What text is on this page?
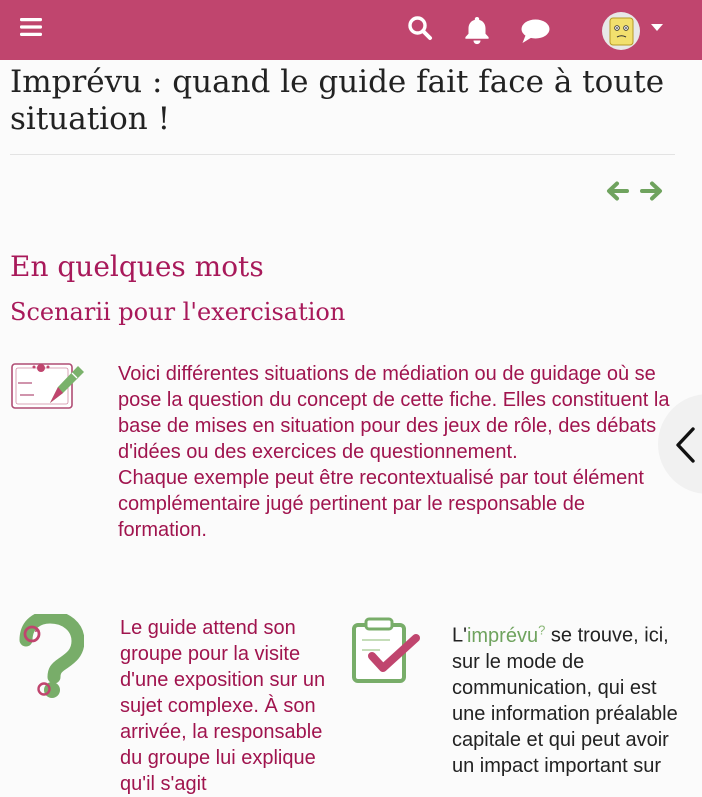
Imprévu : quand le guide fait face à toute situation !
En quelques mots
Scenarii pour l'exercisation

Voici différentes situations de médiation ou de guidage où se pose la question du concept de cette fiche. Elles constituent la base de mises en situation pour des jeux de rôle, des débats d'idées ou des exercices de questionnement.

Chaque exemple peut être recontextualisé par tout élément complémentaire jugé pertinent par le responsable de formation.

Le guide attend son groupe pour la visite d'une exposition sur un sujet complexe. À son arrivée, la responsable du groupe lui explique qu'il s'agit
L'imprévu? se trouve, ici, sur le mode de communication, qui est une information préalable capitale et qui peut avoir un impact important sur
